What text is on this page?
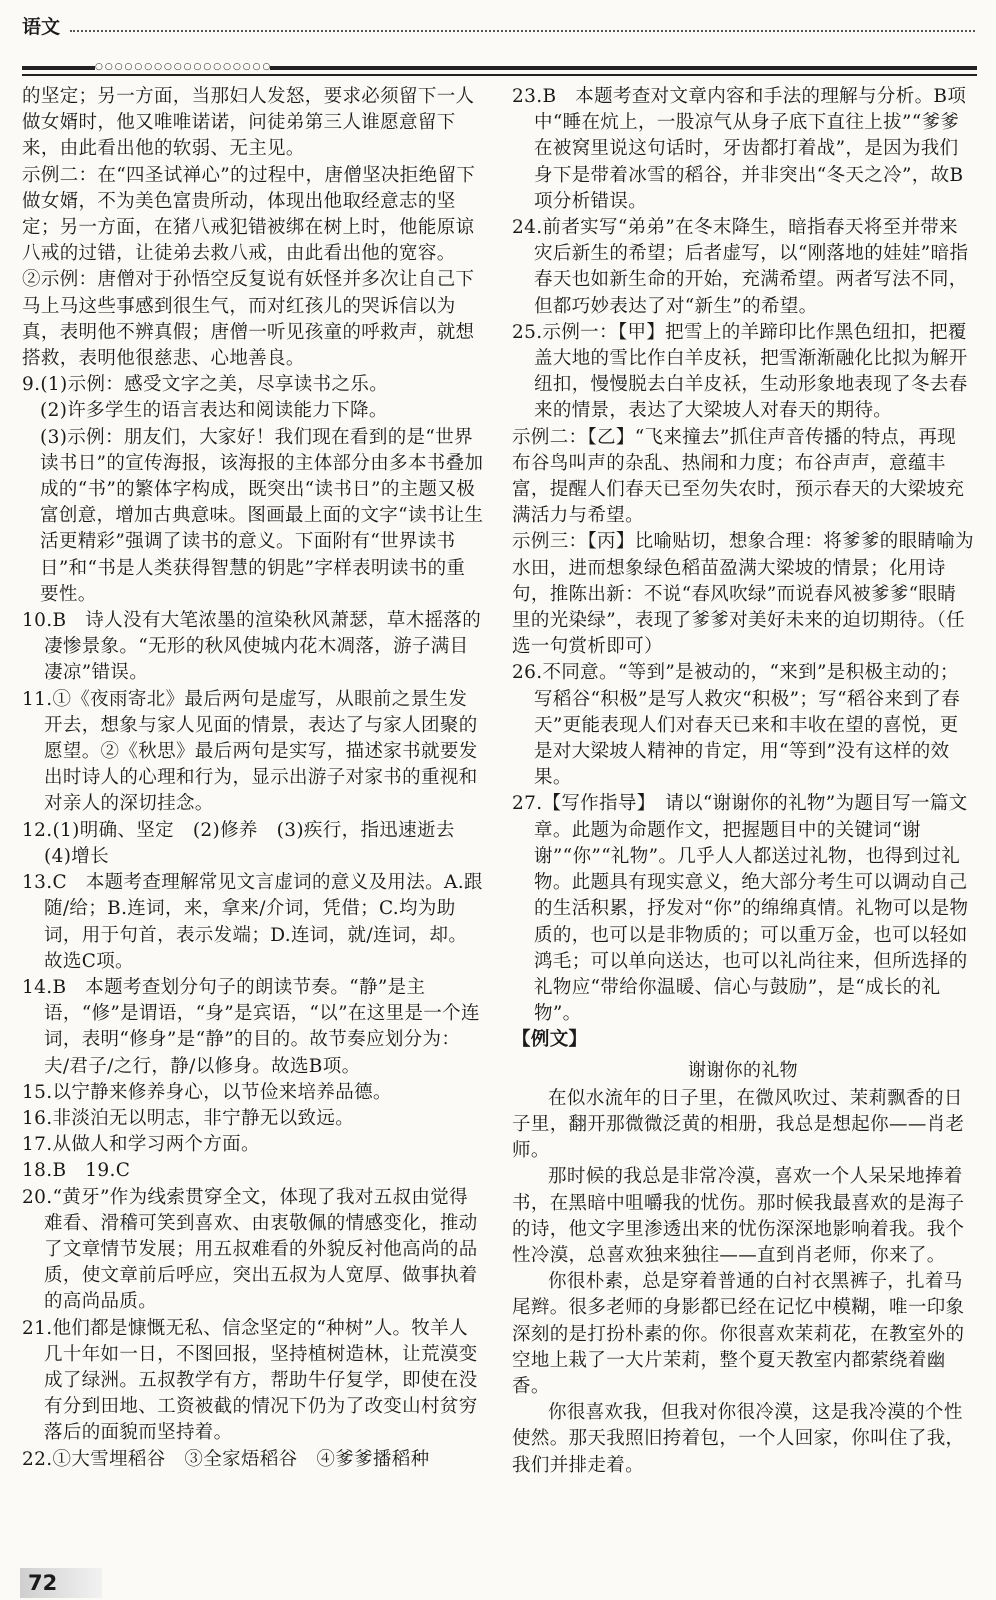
语文
○○○○○○○○○○○○○○○○○○

的坚定；另一方面，当那妇人发怒，要求必须留下一人做女婿时，他又唯唯诺诺，问徒弟第三人谁愿意留下来，由此看出他的软弱、无主见。

示例二：在“四圣试禅心”的过程中，唐僧坚决拒绝留下做女婿，不为美色富贵所动，体现出他取经意志的坚定；另一方面，在猪八戒犯错被绑在树上时，他能原谅八戒的过错，让徒弟去救八戒，由此看出他的宽容。

②示例：唐僧对于孙悟空反复说有妖怪并多次让自己下马上马这些事感到很生气，而对红孩儿的哭诉信以为真，表明他不辨真假；唐僧一听见孩童的呼救声，就想搭救，表明他很慈悲、心地善良。

9.(1)示例：感受文字之美，尽享读书之乐。

(2)许多学生的语言表达和阅读能力下降。

(3)示例：朋友们，大家好！我们现在看到的是“世界读书日”的宣传海报，该海报的主体部分由多本书叠加成的“书”的繁体字构成，既突出“读书日”的主题又极富创意，增加古典意味。图画最上面的文字“读书让生活更精彩”强调了读书的意义。下面附有“世界读书日”和“书是人类获得智慧的钥匙”字样表明读书的重要性。

10.B　诗人没有大笔浓墨的渲染秋风萧瑟，草木摇落的凄惨景象。“无形的秋风使城内花木凋落，游子满目凄凉”错误。

11.①《夜雨寄北》最后两句是虚写，从眼前之景生发开去，想象与家人见面的情景，表达了与家人团聚的愿望。②《秋思》最后两句是实写，描述家书就要发出时诗人的心理和行为，显示出游子对家书的重视和对亲人的深切挂念。

12.(1)明确、坚定　(2)修养　(3)疾行，指迅速逝去　(4)增长

13.C　本题考查理解常见文言虚词的意义及用法。A.跟随/给；B.连词，来，拿来/介词，凭借；C.均为助词，用于句首，表示发端；D.连词，就/连词，却。故选C项。

14.B　本题考查划分句子的朗读节奏。“静”是主语，“修”是谓语，“身”是宾语，“以”在这里是一个连词，表明“修身”是“静”的目的。故节奏应划分为：夫/君子/之行，静/以修身。故选B项。

15.以宁静来修养身心，以节俭来培养品德。

16.非淡泊无以明志，非宁静无以致远。

17.从做人和学习两个方面。

18.B　19.C

20.“黄牙”作为线索贯穿全文，体现了我对五叔由觉得难看、滑稽可笑到喜欢、由衷敬佩的情感变化，推动了文章情节发展；用五叔难看的外貌反衬他高尚的品质，使文章前后呼应，突出五叔为人宽厚、做事执着的高尚品质。

21.他们都是慷慨无私、信念坚定的“种树”人。牧羊人几十年如一日，不图回报，坚持植树造林，让荒漠变成了绿洲。五叔教学有方，帮助牛仔复学，即使在没有分到田地、工资被截的情况下仍为了改变山村贫穷落后的面貌而坚持着。

22.①大雪埋稻谷　③全家焐稻谷　④爹爹播稻种

23.B　本题考查对文章内容和手法的理解与分析。B项中“睡在炕上，一股凉气从身子底下直往上拔”“爹爹在被窝里说这句话时，牙齿都打着战”，是因为我们身下是带着冰雪的稻谷，并非突出“冬天之冷”，故B项分析错误。

24.前者实写“弟弟”在冬末降生，暗指春天将至并带来灾后新生的希望；后者虚写，以“刚落地的娃娃”暗指春天也如新生命的开始，充满希望。两者写法不同，但都巧妙表达了对“新生”的希望。

25.示例一：【甲】把雪上的羊蹄印比作黑色纽扣，把覆盖大地的雪比作白羊皮袄，把雪渐渐融化比拟为解开纽扣，慢慢脱去白羊皮袄，生动形象地表现了冬去春来的情景，表达了大梁坡人对春天的期待。

示例二：【乙】“飞来撞去”抓住声音传播的特点，再现布谷鸟叫声的杂乱、热闹和力度；布谷声声，意蕴丰富，提醒人们春天已至勿失农时，预示春天的大梁坡充满活力与希望。

示例三：【丙】比喻贴切，想象合理：将爹爹的眼睛喻为水田，进而想象绿色稻苗盈满大梁坡的情景；化用诗句，推陈出新：不说“春风吹绿”而说春风被爹爹“眼睛里的光染绿”，表现了爹爹对美好未来的迫切期待。（任选一句赏析即可）

26.不同意。“等到”是被动的，“来到”是积极主动的；写稻谷“积极”是写人救灾“积极”；写“稻谷来到了春天”更能表现人们对春天已来和丰收在望的喜悦，更是对大梁坡人精神的肯定，用“等到”没有这样的效果。

27.【写作指导】　请以“谢谢你的礼物”为题目写一篇文章。此题为命题作文，把握题目中的关键词“谢谢”“你”“礼物”。几乎人人都送过礼物，也得到过礼物。此题具有现实意义，绝大部分考生可以调动自己的生活积累，抒发对“你”的绵绵真情。礼物可以是物质的，也可以是非物质的；可以重万金，也可以轻如鸿毛；可以单向送达，也可以礼尚往来，但所选择的礼物应“带给你温暖、信心与鼓励”，是“成长的礼物”。

【例文】

谢谢你的礼物

在似水流年的日子里，在微风吹过、茉莉飘香的日子里，翻开那微微泛黄的相册，我总是想起你——肖老师。

那时候的我总是非常冷漠，喜欢一个人呆呆地捧着书，在黑暗中咀嚼我的忧伤。那时候我最喜欢的是海子的诗，他文字里渗透出来的忧伤深深地影响着我。我个性冷漠，总喜欢独来独往——直到肖老师，你来了。

你很朴素，总是穿着普通的白衬衣黑裤子，扎着马尾辫。很多老师的身影都已经在记忆中模糊，唯一印象深刻的是打扮朴素的你。你很喜欢茉莉花，在教室外的空地上栽了一大片茉莉，整个夏天教室内都萦绕着幽香。

你很喜欢我，但我对你很冷漠，这是我冷漠的个性使然。那天我照旧挎着包，一个人回家，你叫住了我，我们并排走着。

72
